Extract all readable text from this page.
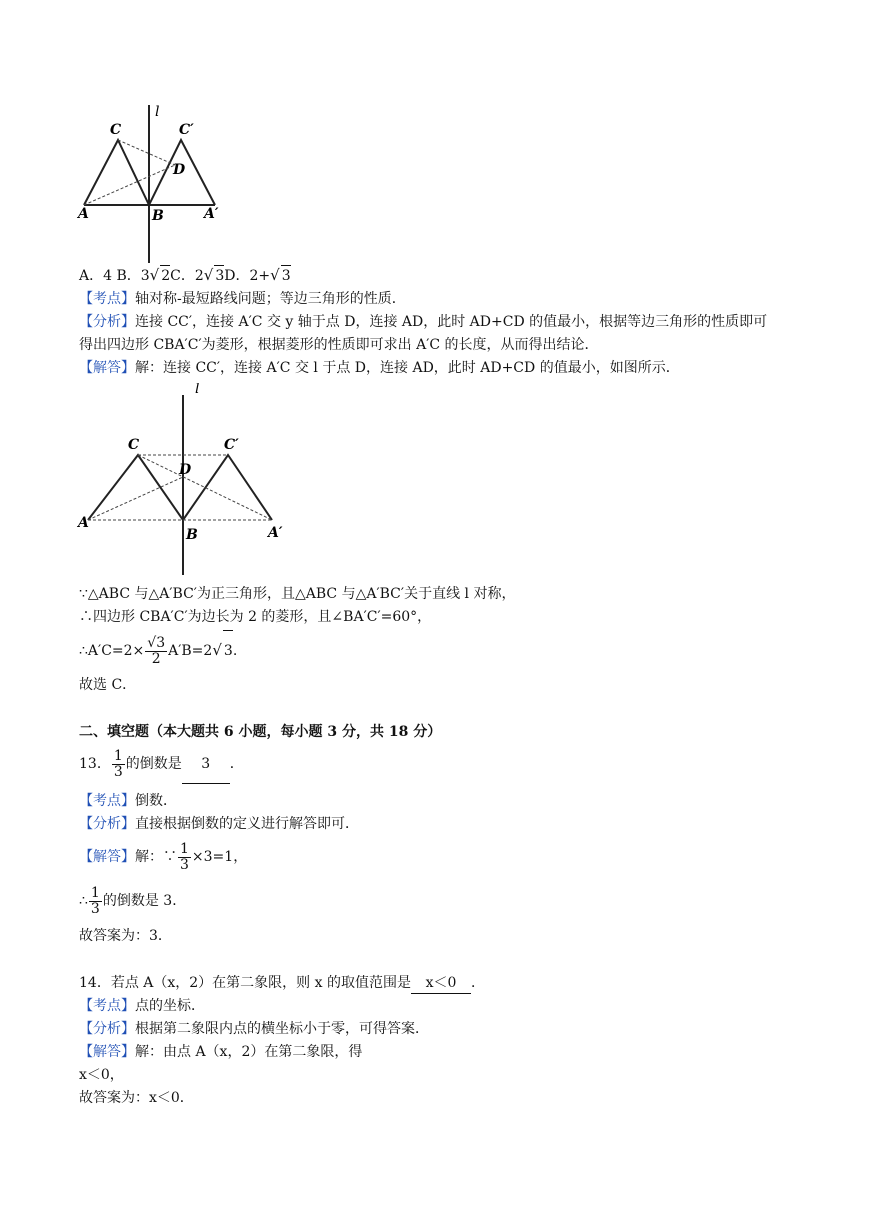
l
C	C′
D
A	B	A′
A．4 B．3√ 2C．2√ 3D．2+√ 3
【考点】轴对称-最短路线问题；等边三角形的性质．
【分析】连接 CC′，连接 A′C 交 y 轴于点 D，连接 AD，此时 AD+CD 的值最小，根据等边三角形的性质即可
得出四边形 CBA′C′为菱形，根据菱形的性质即可求出 A′C 的长度，从而得出结论．
【解答】解：连接 CC′，连接 A′C 交 l 于点 D，连接 AD，此时 AD+CD 的值最小，如图所示．
l
C	C′
D
A
B	A′
∵△ABC 与△A′BC′为正三角形，且△ABC 与△A′BC′关于直线 l 对称，
∴四边形 CBA′C′为边长为 2 的菱形，且∠BA′C′=60°，
∴A′C=2× $\frac{√3}{2} A'B=2√$ 3.
故选 C．
二、填空题（本大题共 6 小题，每小题 3 分，共 18 分）
13． $\frac{1}{3}$ 的倒数是 3 ．
【考点】倒数．
【分析】直接根据倒数的定义进行解答即可．
【解答】解：∵ $\frac{1}{3} \times 3=1$，
∴ $\frac{1}{3}$ 的倒数是 3．
故答案为：3．
14．若点 A（x，2）在第二象限，则 x 的取值范围是 x＜0 ．
【考点】点的坐标．
【分析】根据第二象限内点的横坐标小于零，可得答案．
【解答】解：由点 A（x，2）在第二象限，得
x＜0，
故答案为：x＜0．
